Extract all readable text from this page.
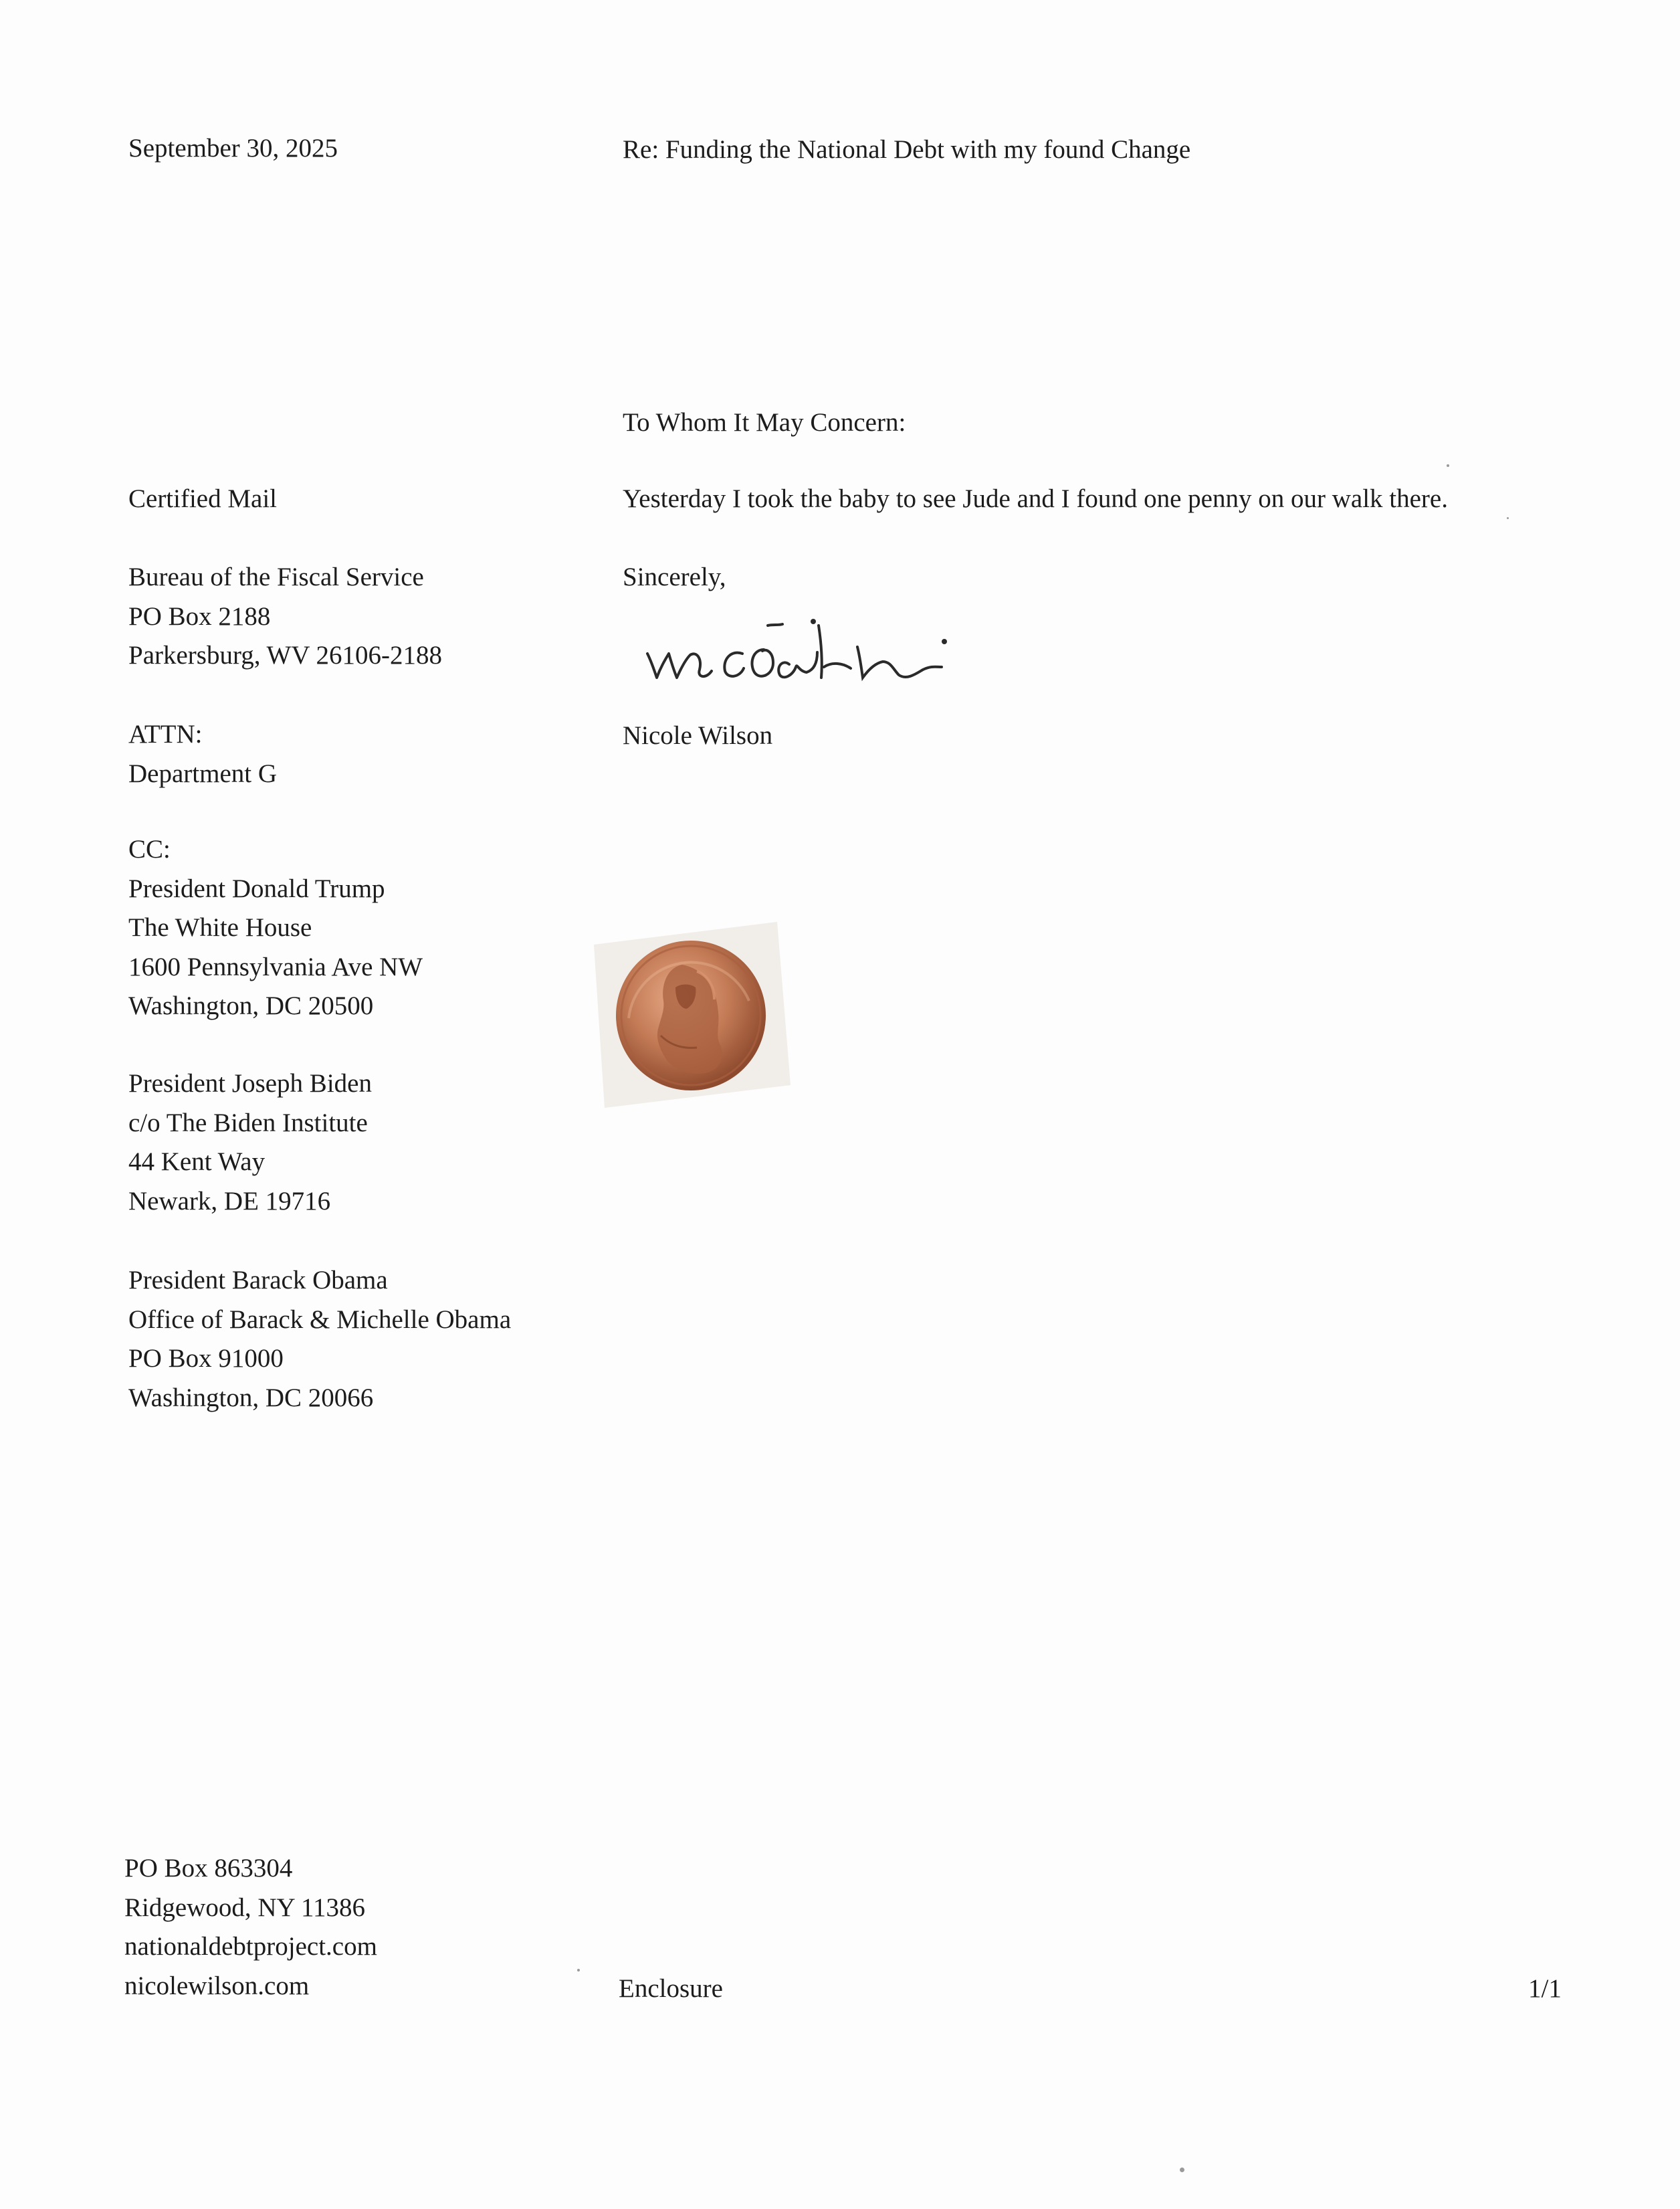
September 30, 2025	Re: Funding the National Debt with my found Change

To Whom It May Concern:

Certified Mail	Yesterday I took the baby to see Jude and I found one penny on our walk there.

Sincerely,

Nicole Wilson

Bureau of the Fiscal Service
PO Box 2188
Parkersburg, WV 26106-2188
ATTN:
Department G
CC:
President Donald Trump
The White House
1600 Pennsylvania Ave NW
Washington, DC 20500
President Joseph Biden
c/o The Biden Institute
44 Kent Way
Newark, DE 19716
President Barack Obama
Office of Barack & Michelle Obama
PO Box 91000
Washington, DC 20066
PO Box 863304
Ridgewood, NY 11386
nationaldebtproject.com
nicolewilson.com	Enclosure	1/1
